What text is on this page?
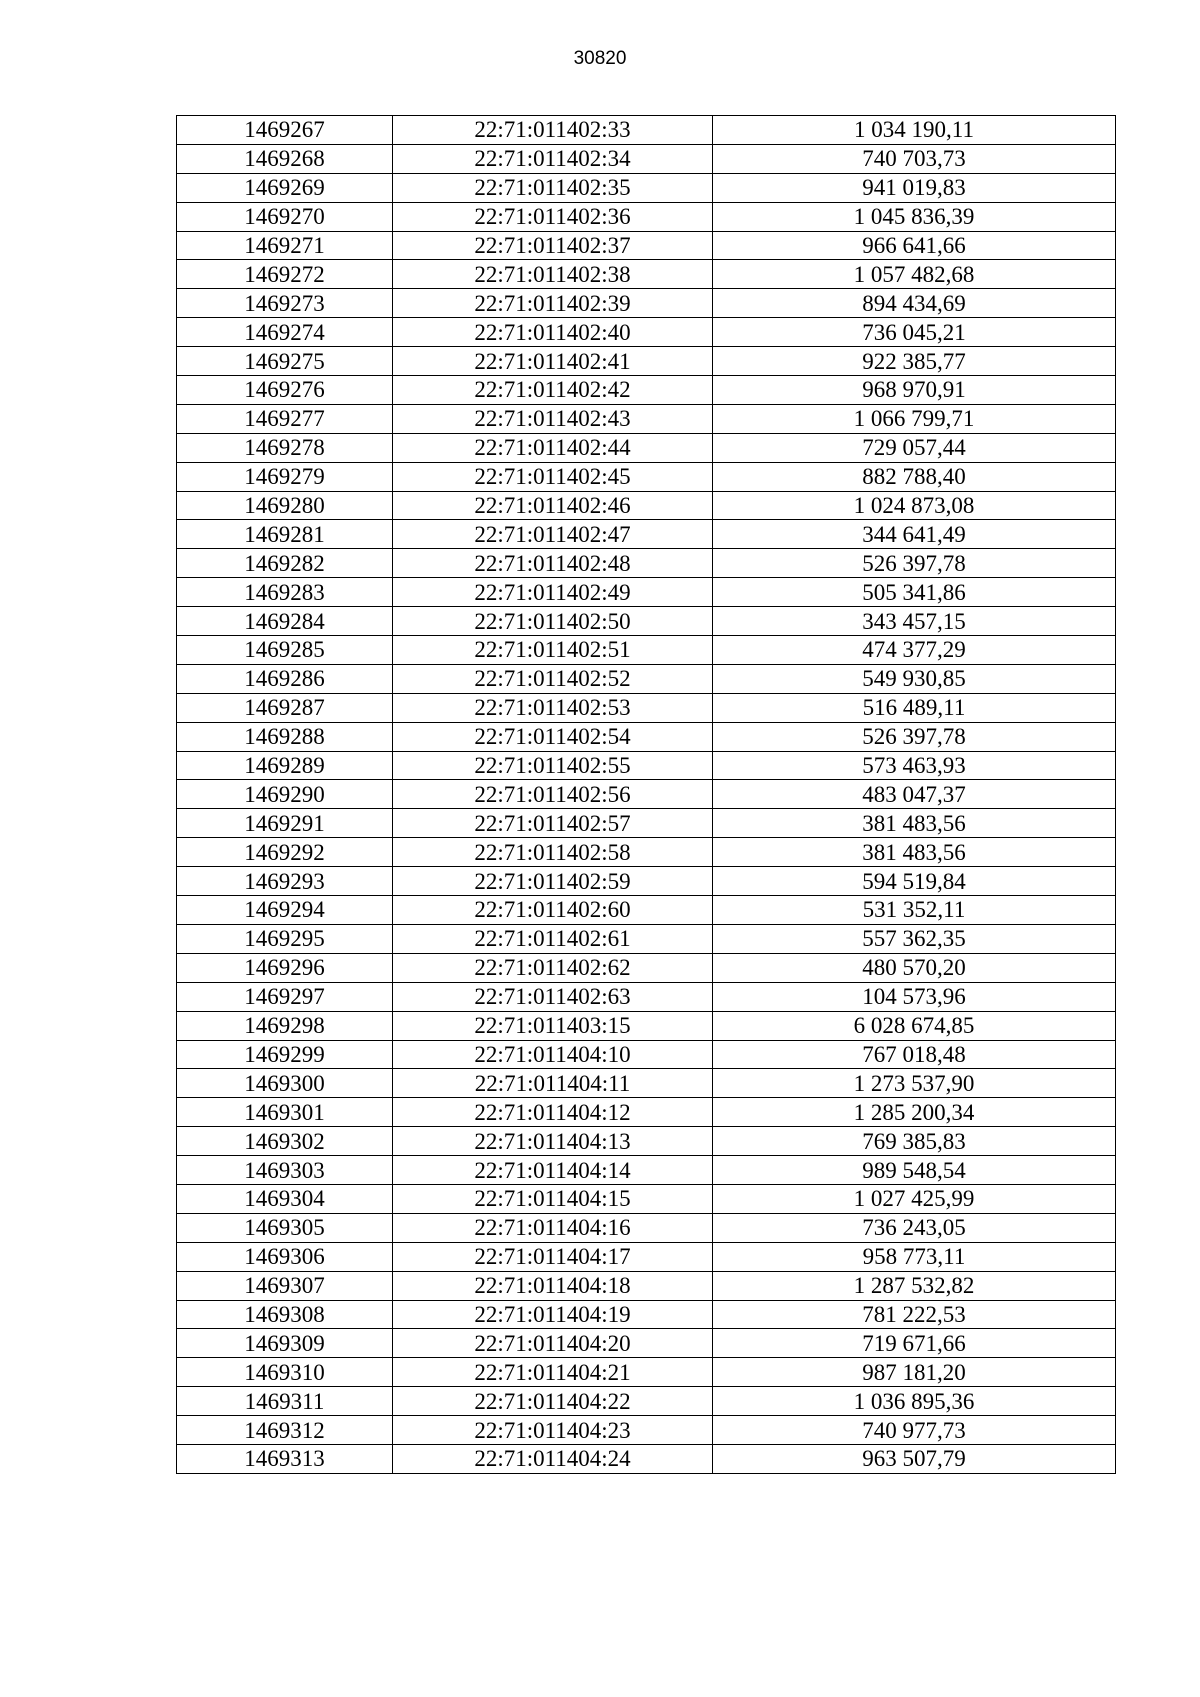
30820
1469267	22:71:011402:33	1 034 190,11
1469268	22:71:011402:34	740 703,73
1469269	22:71:011402:35	941 019,83
1469270	22:71:011402:36	1 045 836,39
1469271	22:71:011402:37	966 641,66
1469272	22:71:011402:38	1 057 482,68
1469273	22:71:011402:39	894 434,69
1469274	22:71:011402:40	736 045,21
1469275	22:71:011402:41	922 385,77
1469276	22:71:011402:42	968 970,91
1469277	22:71:011402:43	1 066 799,71
1469278	22:71:011402:44	729 057,44
1469279	22:71:011402:45	882 788,40
1469280	22:71:011402:46	1 024 873,08
1469281	22:71:011402:47	344 641,49
1469282	22:71:011402:48	526 397,78
1469283	22:71:011402:49	505 341,86
1469284	22:71:011402:50	343 457,15
1469285	22:71:011402:51	474 377,29
1469286	22:71:011402:52	549 930,85
1469287	22:71:011402:53	516 489,11
1469288	22:71:011402:54	526 397,78
1469289	22:71:011402:55	573 463,93
1469290	22:71:011402:56	483 047,37
1469291	22:71:011402:57	381 483,56
1469292	22:71:011402:58	381 483,56
1469293	22:71:011402:59	594 519,84
1469294	22:71:011402:60	531 352,11
1469295	22:71:011402:61	557 362,35
1469296	22:71:011402:62	480 570,20
1469297	22:71:011402:63	104 573,96
1469298	22:71:011403:15	6 028 674,85
1469299	22:71:011404:10	767 018,48
1469300	22:71:011404:11	1 273 537,90
1469301	22:71:011404:12	1 285 200,34
1469302	22:71:011404:13	769 385,83
1469303	22:71:011404:14	989 548,54
1469304	22:71:011404:15	1 027 425,99
1469305	22:71:011404:16	736 243,05
1469306	22:71:011404:17	958 773,11
1469307	22:71:011404:18	1 287 532,82
1469308	22:71:011404:19	781 222,53
1469309	22:71:011404:20	719 671,66
1469310	22:71:011404:21	987 181,20
1469311	22:71:011404:22	1 036 895,36
1469312	22:71:011404:23	740 977,73
1469313	22:71:011404:24	963 507,79
